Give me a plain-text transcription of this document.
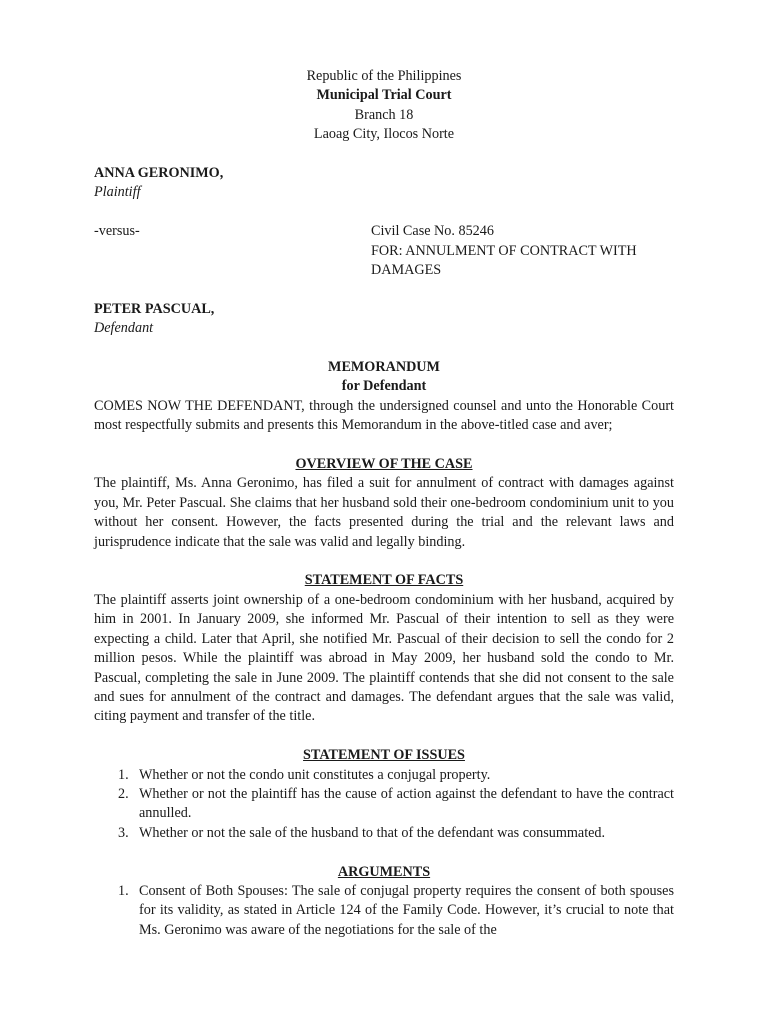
Republic of the Philippines
Municipal Trial Court
Branch 18
Laoag City, Ilocos Norte
ANNA GERONIMO,
Plaintiff
-versus-	Civil Case No. 85246
FOR: ANNULMENT OF CONTRACT WITH
DAMAGES
PETER PASCUAL,
Defendant
MEMORANDUM
for Defendant
COMES NOW THE DEFENDANT, through the undersigned counsel and unto the Honorable Court most respectfully submits and presents this Memorandum in the above-titled case and aver;
OVERVIEW OF THE CASE
The plaintiff, Ms. Anna Geronimo, has filed a suit for annulment of contract with damages against you, Mr. Peter Pascual. She claims that her husband sold their one-bedroom condominium unit to you without her consent. However, the facts presented during the trial and the relevant laws and jurisprudence indicate that the sale was valid and legally binding.
STATEMENT OF FACTS
The plaintiff asserts joint ownership of a one-bedroom condominium with her husband, acquired by him in 2001. In January 2009, she informed Mr. Pascual of their intention to sell as they were expecting a child. Later that April, she notified Mr. Pascual of their decision to sell the condo for 2 million pesos. While the plaintiff was abroad in May 2009, her husband sold the condo to Mr. Pascual, completing the sale in June 2009. The plaintiff contends that she did not consent to the sale and sues for annulment of the contract and damages. The defendant argues that the sale was valid, citing payment and transfer of the title.
STATEMENT OF ISSUES
1. Whether or not the condo unit constitutes a conjugal property.
2. Whether or not the plaintiff has the cause of action against the defendant to have the contract annulled.
3. Whether or not the sale of the husband to that of the defendant was consummated.
ARGUMENTS
1. Consent of Both Spouses: The sale of conjugal property requires the consent of both spouses for its validity, as stated in Article 124 of the Family Code. However, it’s crucial to note that Ms. Geronimo was aware of the negotiations for the sale of the
